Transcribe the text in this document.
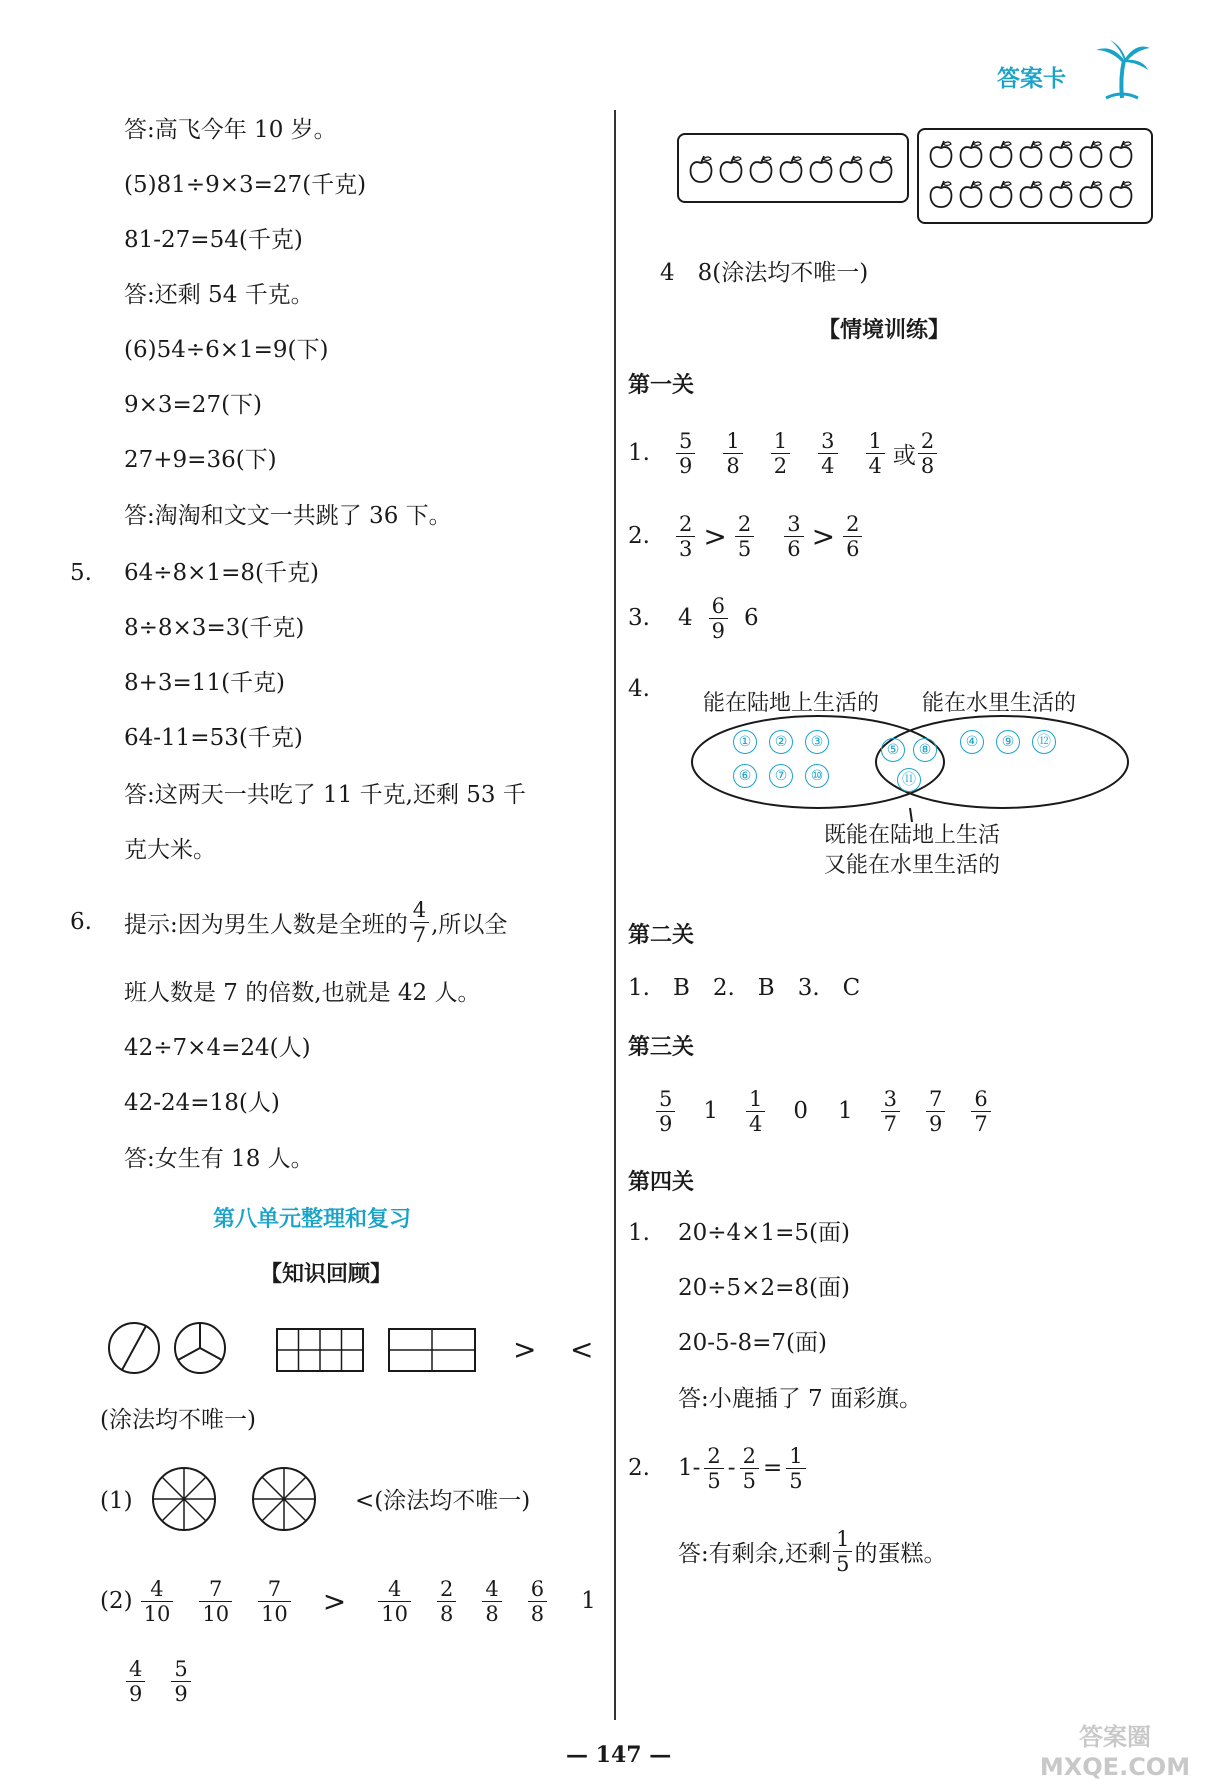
答案卡
答:高飞今年 10 岁。
(5)81÷9×3=27(千克)
81-27=54(千克)
答:还剩 54 千克。
(6)54÷6×1=9(下)
9×3=27(下)
27+9=36(下)
答:淘淘和文文一共跳了 36 下。
5. 64÷8×1=8(千克)
8÷8×3=3(千克)
8+3=11(千克)
64-11=53(千克)
答:这两天一共吃了 11 千克,还剩 53 千
克大米。
6. 提示:因为男生人数是全班的 $\frac{4}{7}$ ,所以全
班人数是 7 的倍数,也就是 42 人。
42÷7×4=24(人)
42-24=18(人)
答:女生有 18 人。
第八单元整理和复习
【知识回顾】
> <
(涂法均不唯一)
(1)	<(涂法均不唯一)
$(2) \frac{4}{10} \frac{7}{10} \frac{7}{10} > \frac{4}{10} \frac{2}{8} \frac{4}{8} \frac{6}{8} 1$
$\frac{4}{9} \frac{5}{9}$
4　8(涂法均不唯一)
【情境训练】
第一关
1.	$\frac{5}{9} \frac{1}{8} \frac{1}{2} \frac{3}{4} \frac{1}{4}$ 或 $\frac{2}{8}$
2.	$\frac{2}{3} > \frac{2}{5} \frac{3}{6} > \frac{2}{6}$
3.	$4 \frac{6}{9} 6$
4.
能在陆地上生活的 能在水里生活的
①	②	③
⑥	⑦	⑩
⑤	⑧
⑪
④	⑨	⑫
既能在陆地上生活
又能在水里生活的
第二关
1.　B　2.　B　3.　C
第三关
$\frac{5}{9} 1 \frac{1}{4} 0$ $1 \frac{3}{7} \frac{7}{9} \frac{6}{7}$
第四关
1. 20÷4×1=5(面)
20÷5×2=8(面)
20-5-8=7(面)
答:小鹿插了 7 面彩旗。
2.	$1- \frac{2}{5} - \frac{2}{5} = \frac{1}{5}$
答:有剩余,还剩 $\frac{1}{5}$ 的蛋糕。
— 147 —
答案圈 MXQE.COM
